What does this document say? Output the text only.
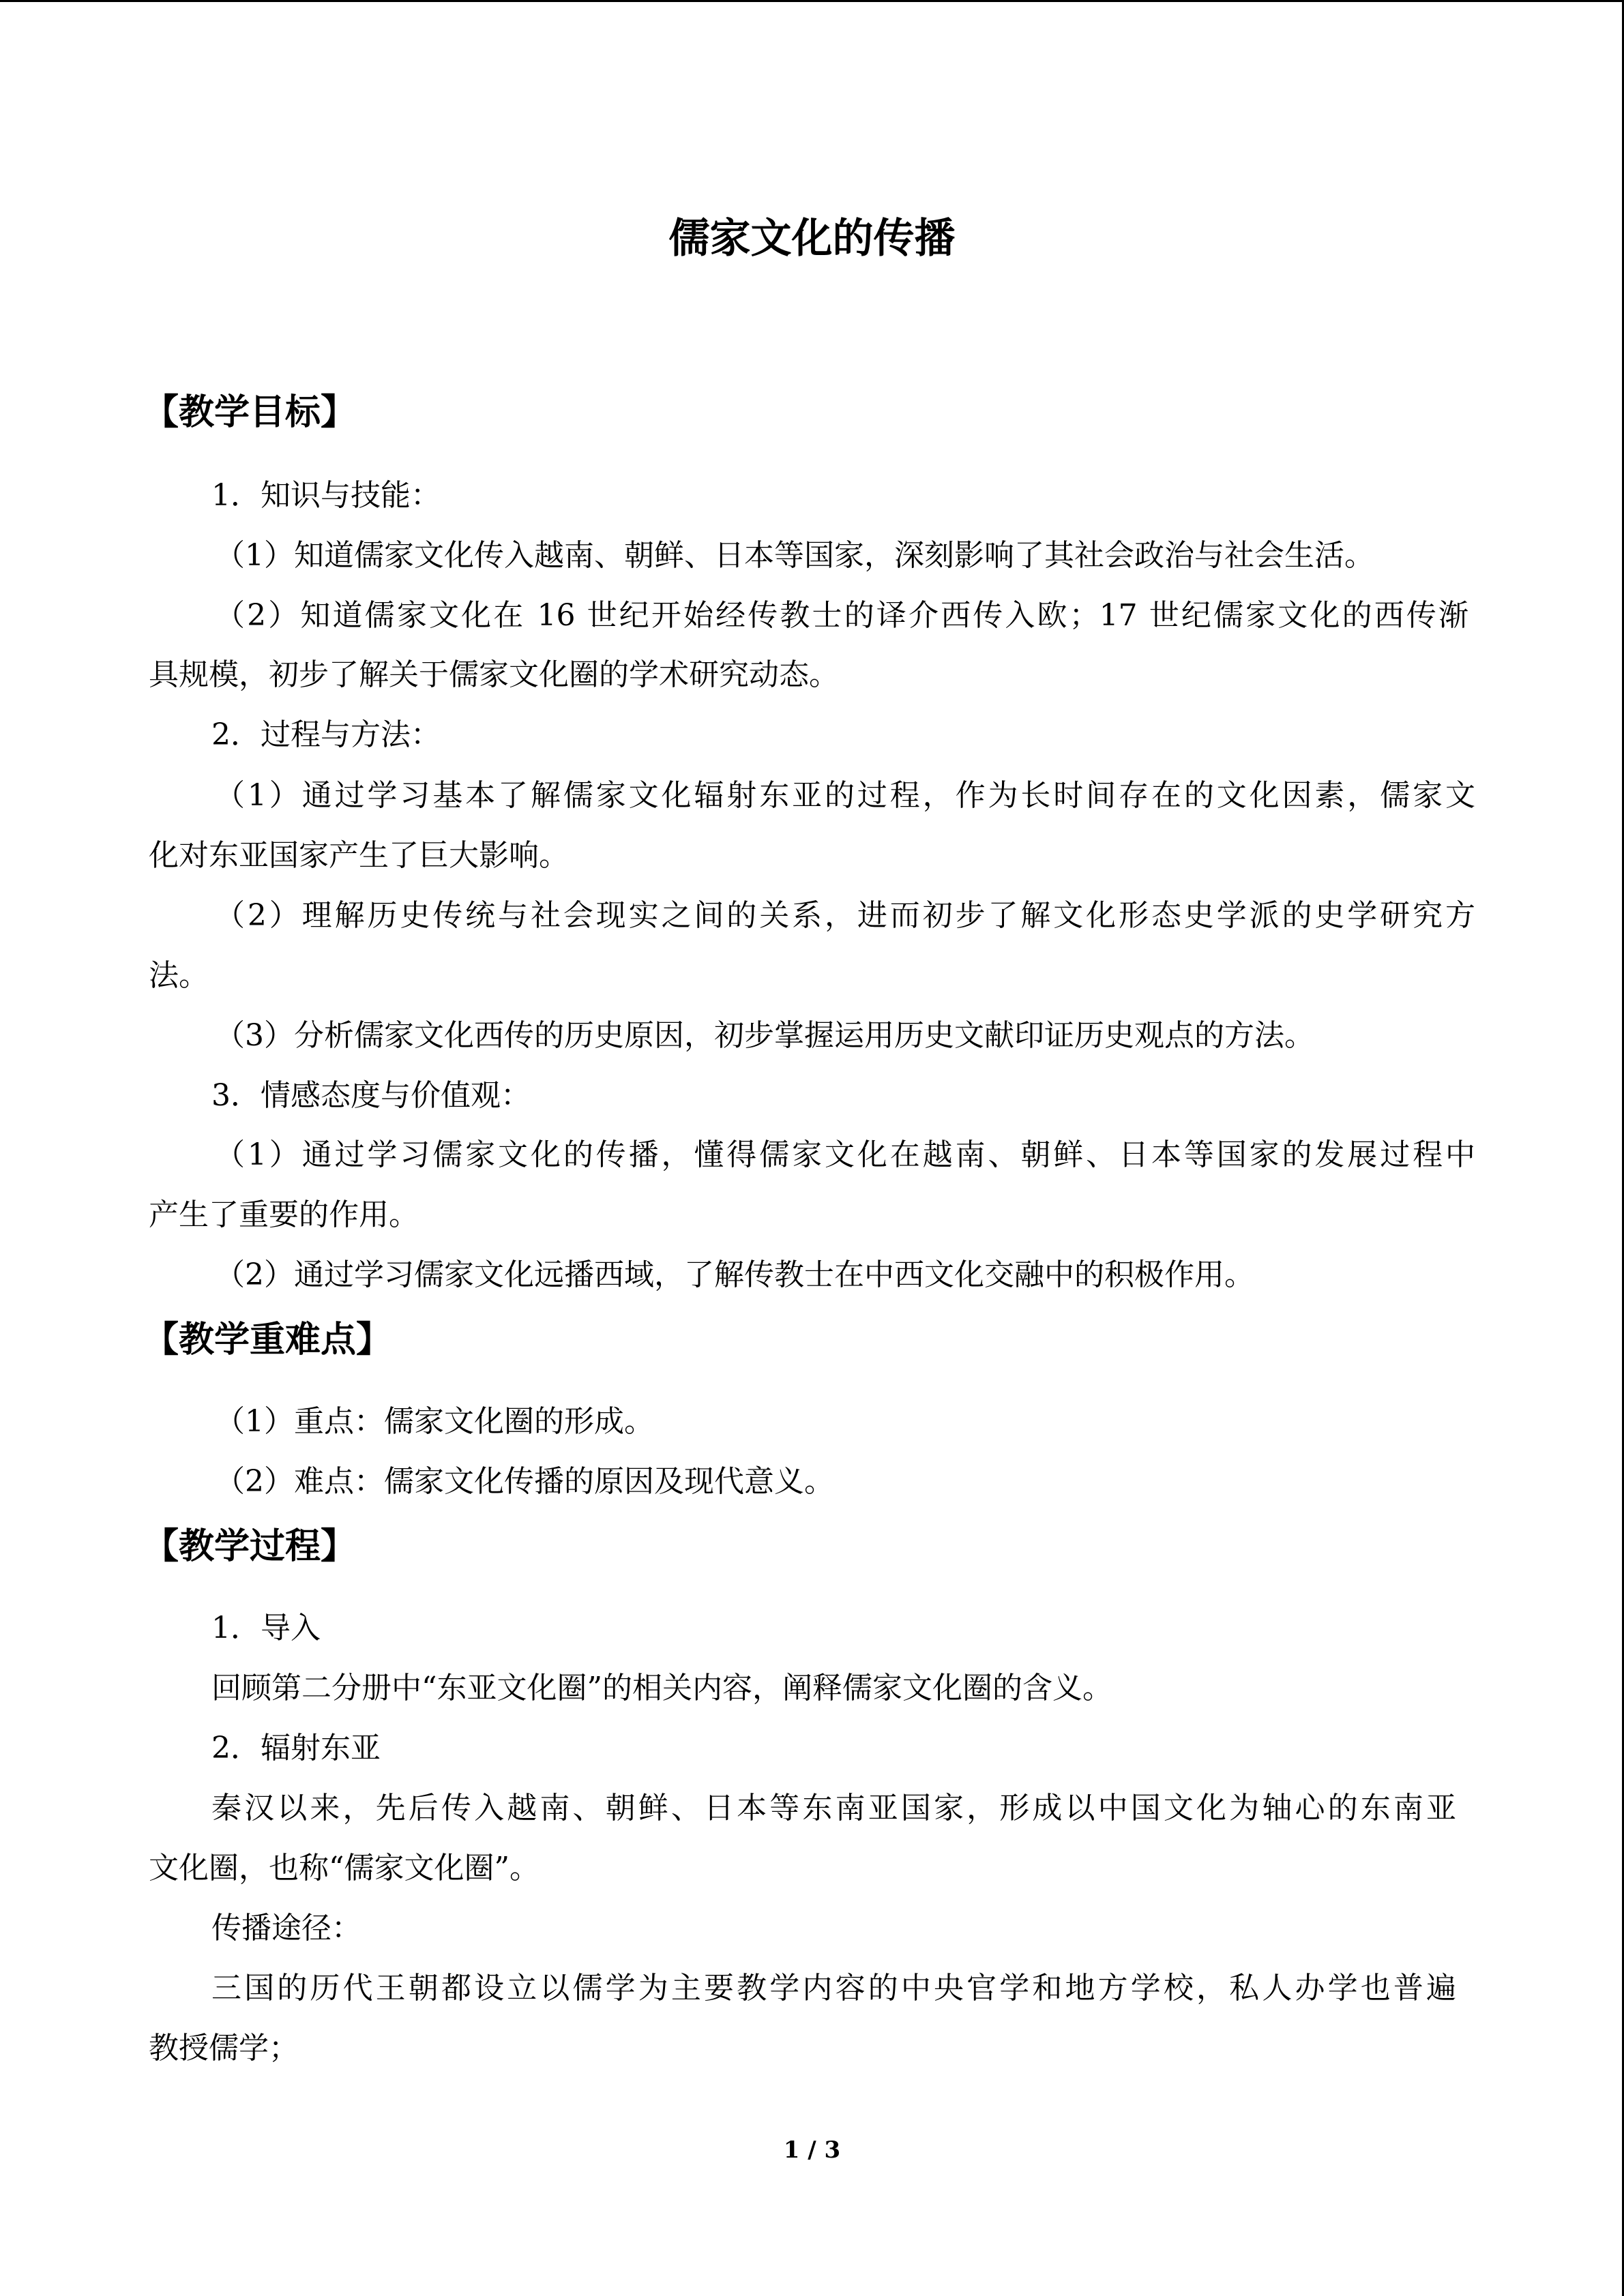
儒家文化的传播
【教学目标】
1．知识与技能：
（1）知道儒家文化传入越南、朝鲜、日本等国家，深刻影响了其社会政治与社会生活。
（2）知道儒家文化在 16 世纪开始经传教士的译介西传入欧；17 世纪儒家文化的西传渐
具规模，初步了解关于儒家文化圈的学术研究动态。
2．过程与方法：
（1）通过学习基本了解儒家文化辐射东亚的过程，作为长时间存在的文化因素，儒家文
化对东亚国家产生了巨大影响。
（2）理解历史传统与社会现实之间的关系，进而初步了解文化形态史学派的史学研究方
法。
（3）分析儒家文化西传的历史原因，初步掌握运用历史文献印证历史观点的方法。
3．情感态度与价值观：
（1）通过学习儒家文化的传播，懂得儒家文化在越南、朝鲜、日本等国家的发展过程中
产生了重要的作用。
（2）通过学习儒家文化远播西域，了解传教士在中西文化交融中的积极作用。
【教学重难点】
（1）重点：儒家文化圈的形成。
（2）难点：儒家文化传播的原因及现代意义。
【教学过程】
1．导入
回顾第二分册中“东亚文化圈”的相关内容，阐释儒家文化圈的含义。
2．辐射东亚
秦汉以来，先后传入越南、朝鲜、日本等东南亚国家，形成以中国文化为轴心的东南亚
文化圈，也称“儒家文化圈”。
传播途径：
三国的历代王朝都设立以儒学为主要教学内容的中央官学和地方学校，私人办学也普遍
教授儒学；
1 / 3
